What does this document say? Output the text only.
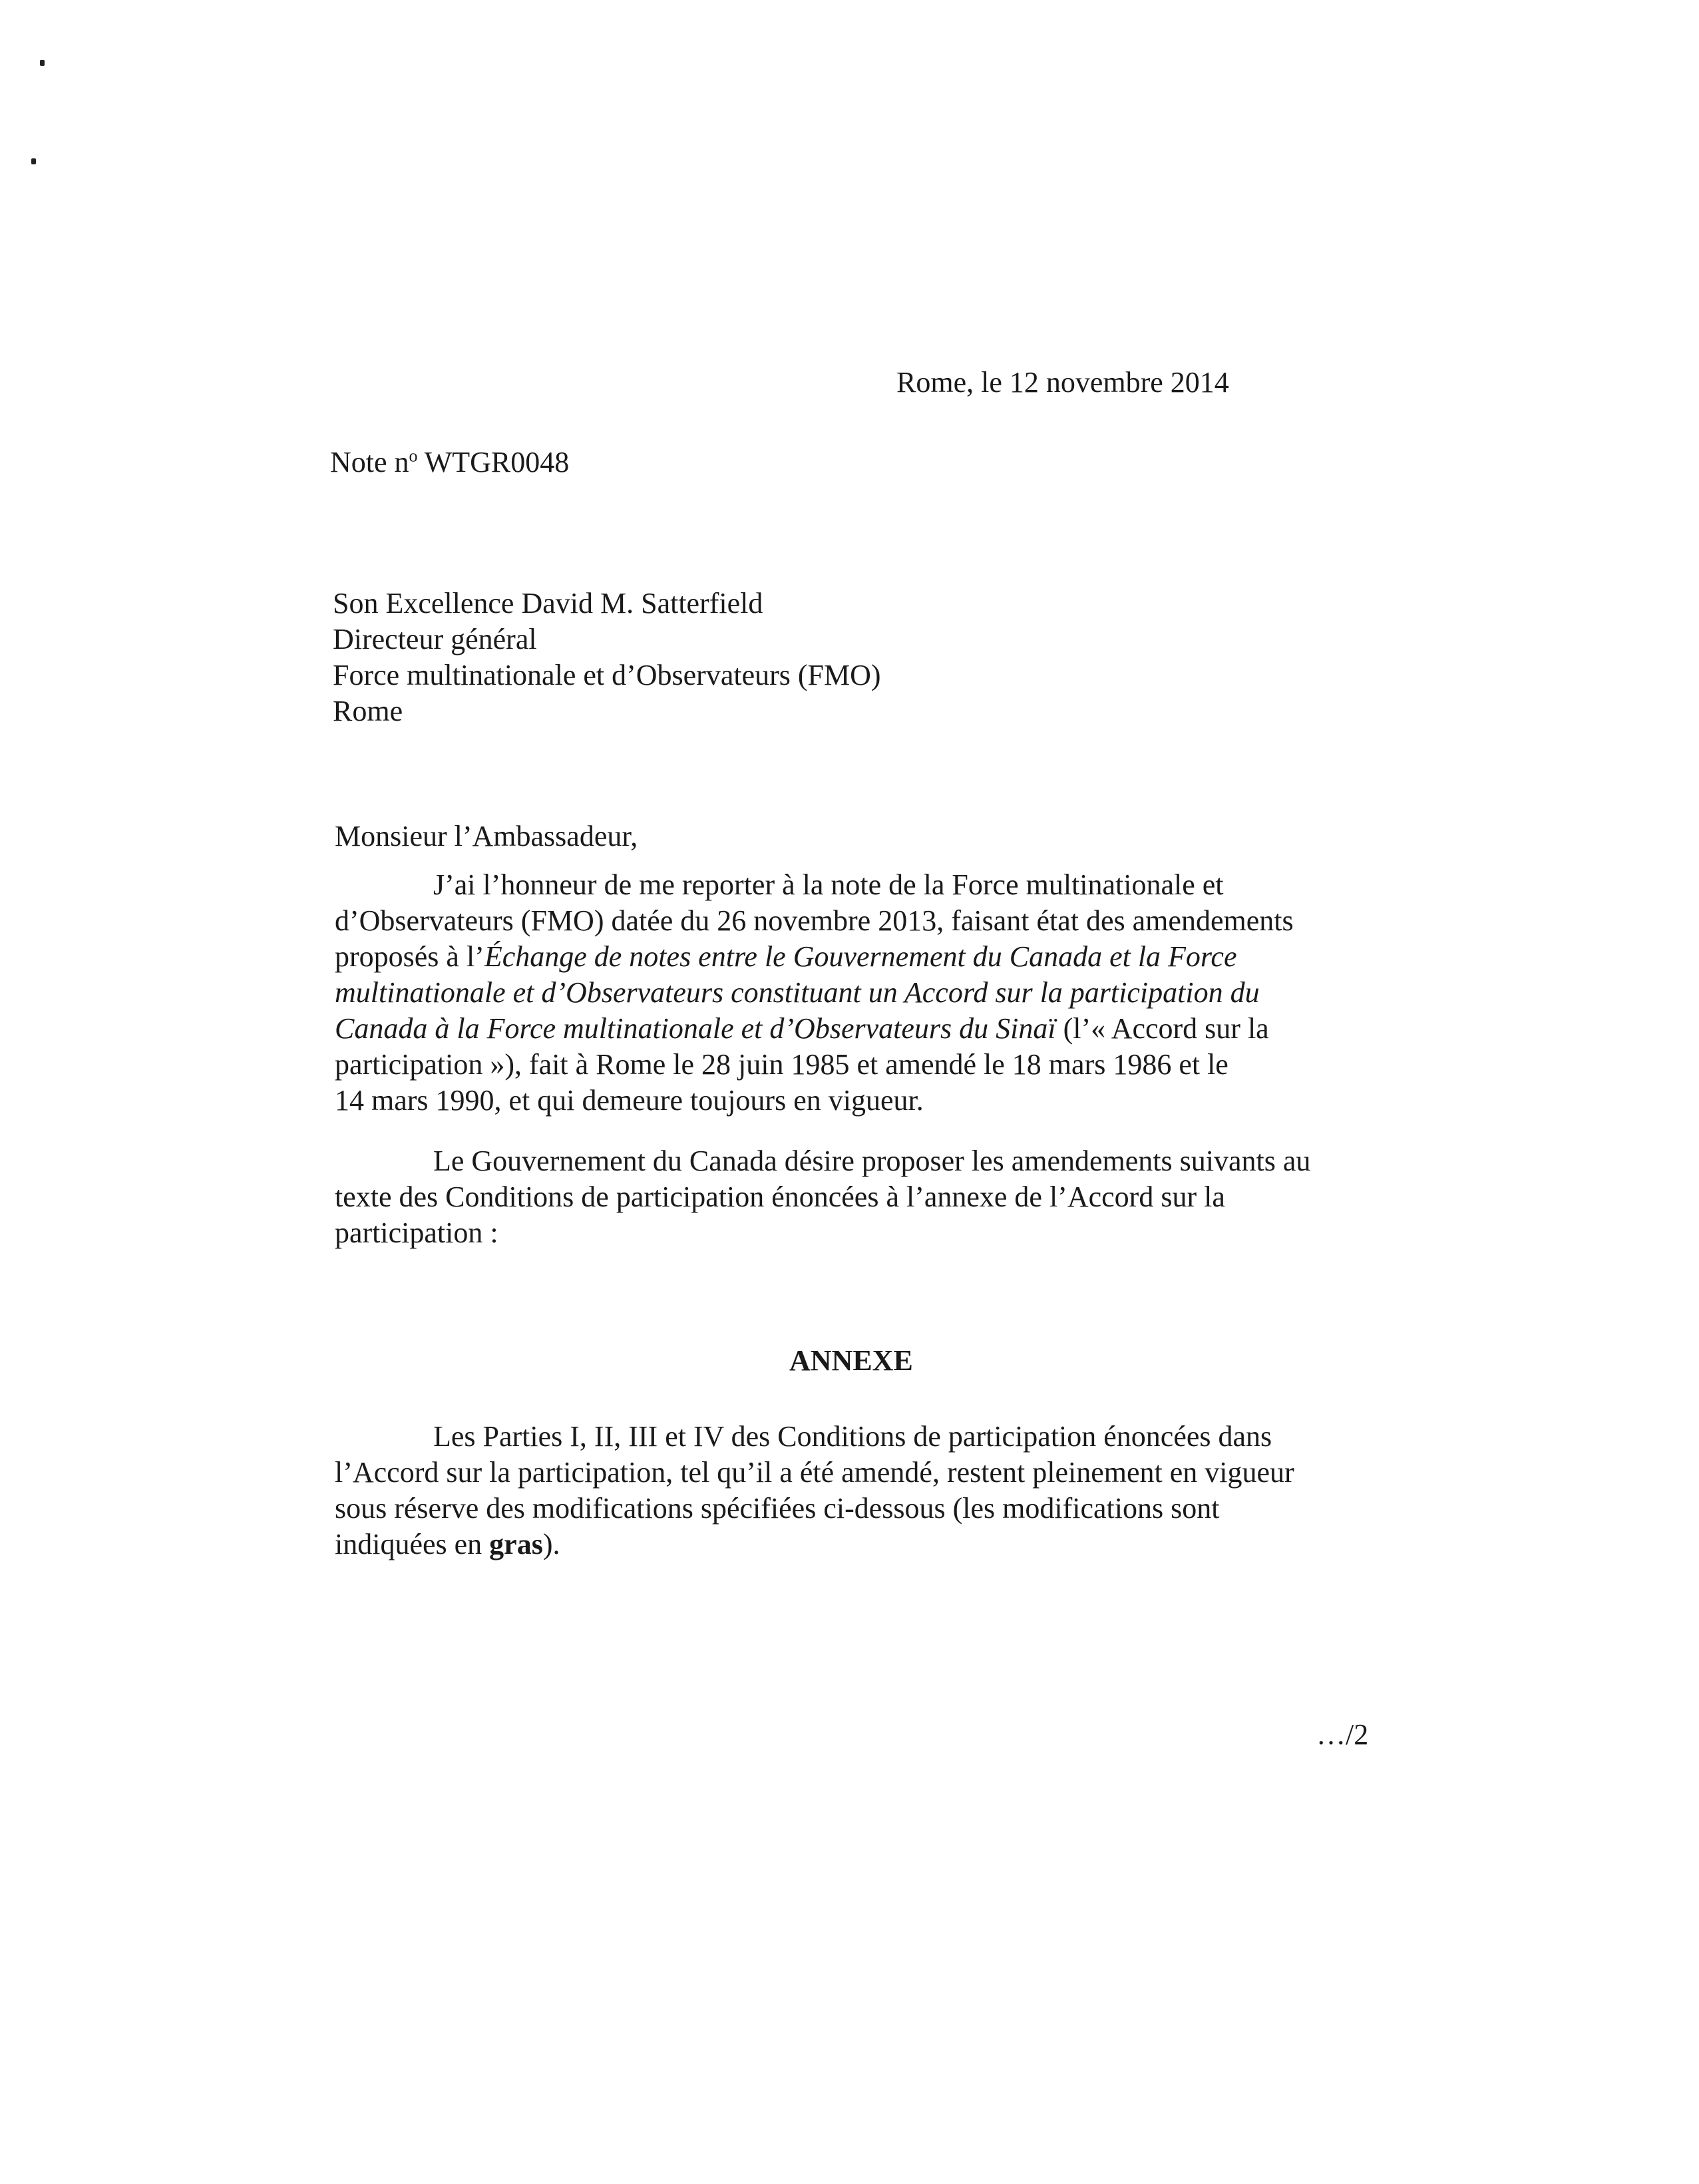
Rome, le 12 novembre 2014
Note $n^o$ WTGR0048
Son Excellence David M. Satterfield
Directeur général
Force multinationale et d’Observateurs (FMO)
Rome
Monsieur l’Ambassadeur,
J’ai l’honneur de me reporter à la note de la Force multinationale et
d’Observateurs (FMO) datée du 26 novembre 2013, faisant état des amendements
proposés à l’Échange de notes entre le Gouvernement du Canada et la Force
multinationale et d’Observateurs constituant un Accord sur la participation du
Canada à la Force multinationale et d’Observateurs du Sinaï (l’« Accord sur la
participation »), fait à Rome le 28 juin 1985 et amendé le 18 mars 1986 et le
14 mars 1990, et qui demeure toujours en vigueur.
Le Gouvernement du Canada désire proposer les amendements suivants au
texte des Conditions de participation énoncées à l’annexe de l’Accord sur la
participation :
ANNEXE
Les Parties I, II, III et IV des Conditions de participation énoncées dans
l’Accord sur la participation, tel qu’il a été amendé, restent pleinement en vigueur
sous réserve des modifications spécifiées ci-dessous (les modifications sont
indiquées en gras).
…/2
